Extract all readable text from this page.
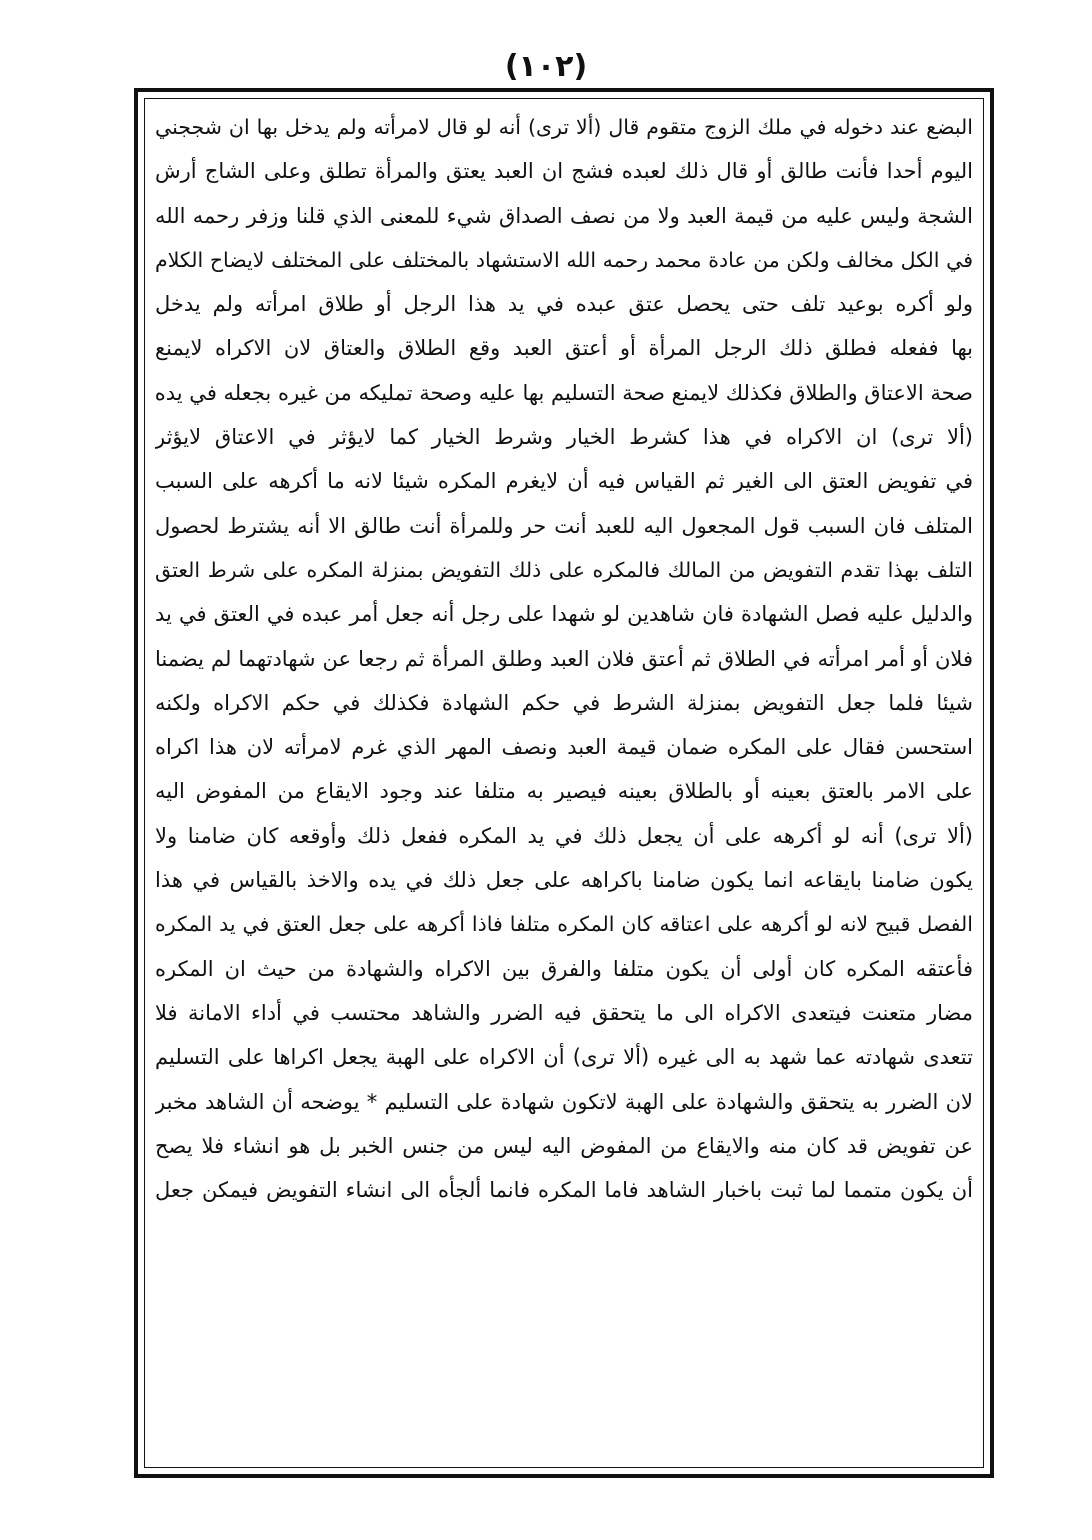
(١٠٢)
البضع عند دخوله في ملك الزوج متقوم قال (ألا ترى) أنه لو قال لامرأته ولم يدخل بها ان شججني
اليوم أحدا فأنت طالق أو قال ذلك لعبده فشج ان العبد يعتق والمرأة تطلق وعلى الشاج أرش
الشجة وليس عليه من قيمة العبد ولا من نصف الصداق شيء للمعنى الذي قلنا وزفر رحمه الله
في الكل مخالف ولكن من عادة محمد رحمه الله الاستشهاد بالمختلف على المختلف لايضاح الكلام
ولو أكره بوعيد تلف حتى يحصل عتق عبده في يد هذا الرجل أو طلاق امرأته ولم يدخل
بها ففعله فطلق ذلك الرجل المرأة أو أعتق العبد وقع الطلاق والعتاق لان الاكراه لايمنع
صحة الاعتاق والطلاق فكذلك لايمنع صحة التسليم بها عليه وصحة تمليكه من غيره بجعله في يده
(ألا ترى) ان الاكراه في هذا كشرط الخيار وشرط الخيار كما لايؤثر في الاعتاق لايؤثر
في تفويض العتق الى الغير ثم القياس فيه أن لايغرم المكره شيئا لانه ما أكرهه على السبب
المتلف فان السبب قول المجعول اليه للعبد أنت حر وللمرأة أنت طالق الا أنه يشترط لحصول
التلف بهذا تقدم التفويض من المالك فالمكره على ذلك التفويض بمنزلة المكره على شرط العتق
والدليل عليه فصل الشهادة فان شاهدين لو شهدا على رجل أنه جعل أمر عبده في العتق في يد
فلان أو أمر امرأته في الطلاق ثم أعتق فلان العبد وطلق المرأة ثم رجعا عن شهادتهما لم يضمنا
شيئا فلما جعل التفويض بمنزلة الشرط في حكم الشهادة فكذلك في حكم الاكراه ولكنه
استحسن فقال على المكره ضمان قيمة العبد ونصف المهر الذي غرم لامرأته لان هذا اكراه
على الامر بالعتق بعينه أو بالطلاق بعينه فيصير به متلفا عند وجود الايقاع من المفوض اليه
(ألا ترى) أنه لو أكرهه على أن يجعل ذلك في يد المكره ففعل ذلك وأوقعه كان ضامنا ولا
يكون ضامنا بايقاعه انما يكون ضامنا باكراهه على جعل ذلك في يده والاخذ بالقياس في هذا
الفصل قبيح لانه لو أكرهه على اعتاقه كان المكره متلفا فاذا أكرهه على جعل العتق في يد المكره
فأعتقه المكره كان أولى أن يكون متلفا والفرق بين الاكراه والشهادة من حيث ان المكره
مضار متعنت فيتعدى الاكراه الى ما يتحقق فيه الضرر والشاهد محتسب في أداء الامانة فلا
تتعدى شهادته عما شهد به الى غيره (ألا ترى) أن الاكراه على الهبة يجعل اكراها على التسليم
لان الضرر به يتحقق والشهادة على الهبة لاتكون شهادة على التسليم * يوضحه أن الشاهد مخبر
عن تفويض قد كان منه والايقاع من المفوض اليه ليس من جنس الخبر بل هو انشاء فلا يصح
أن يكون متمما لما ثبت باخبار الشاهد فاما المكره فانما ألجأه الى انشاء التفويض فيمكن جعل
